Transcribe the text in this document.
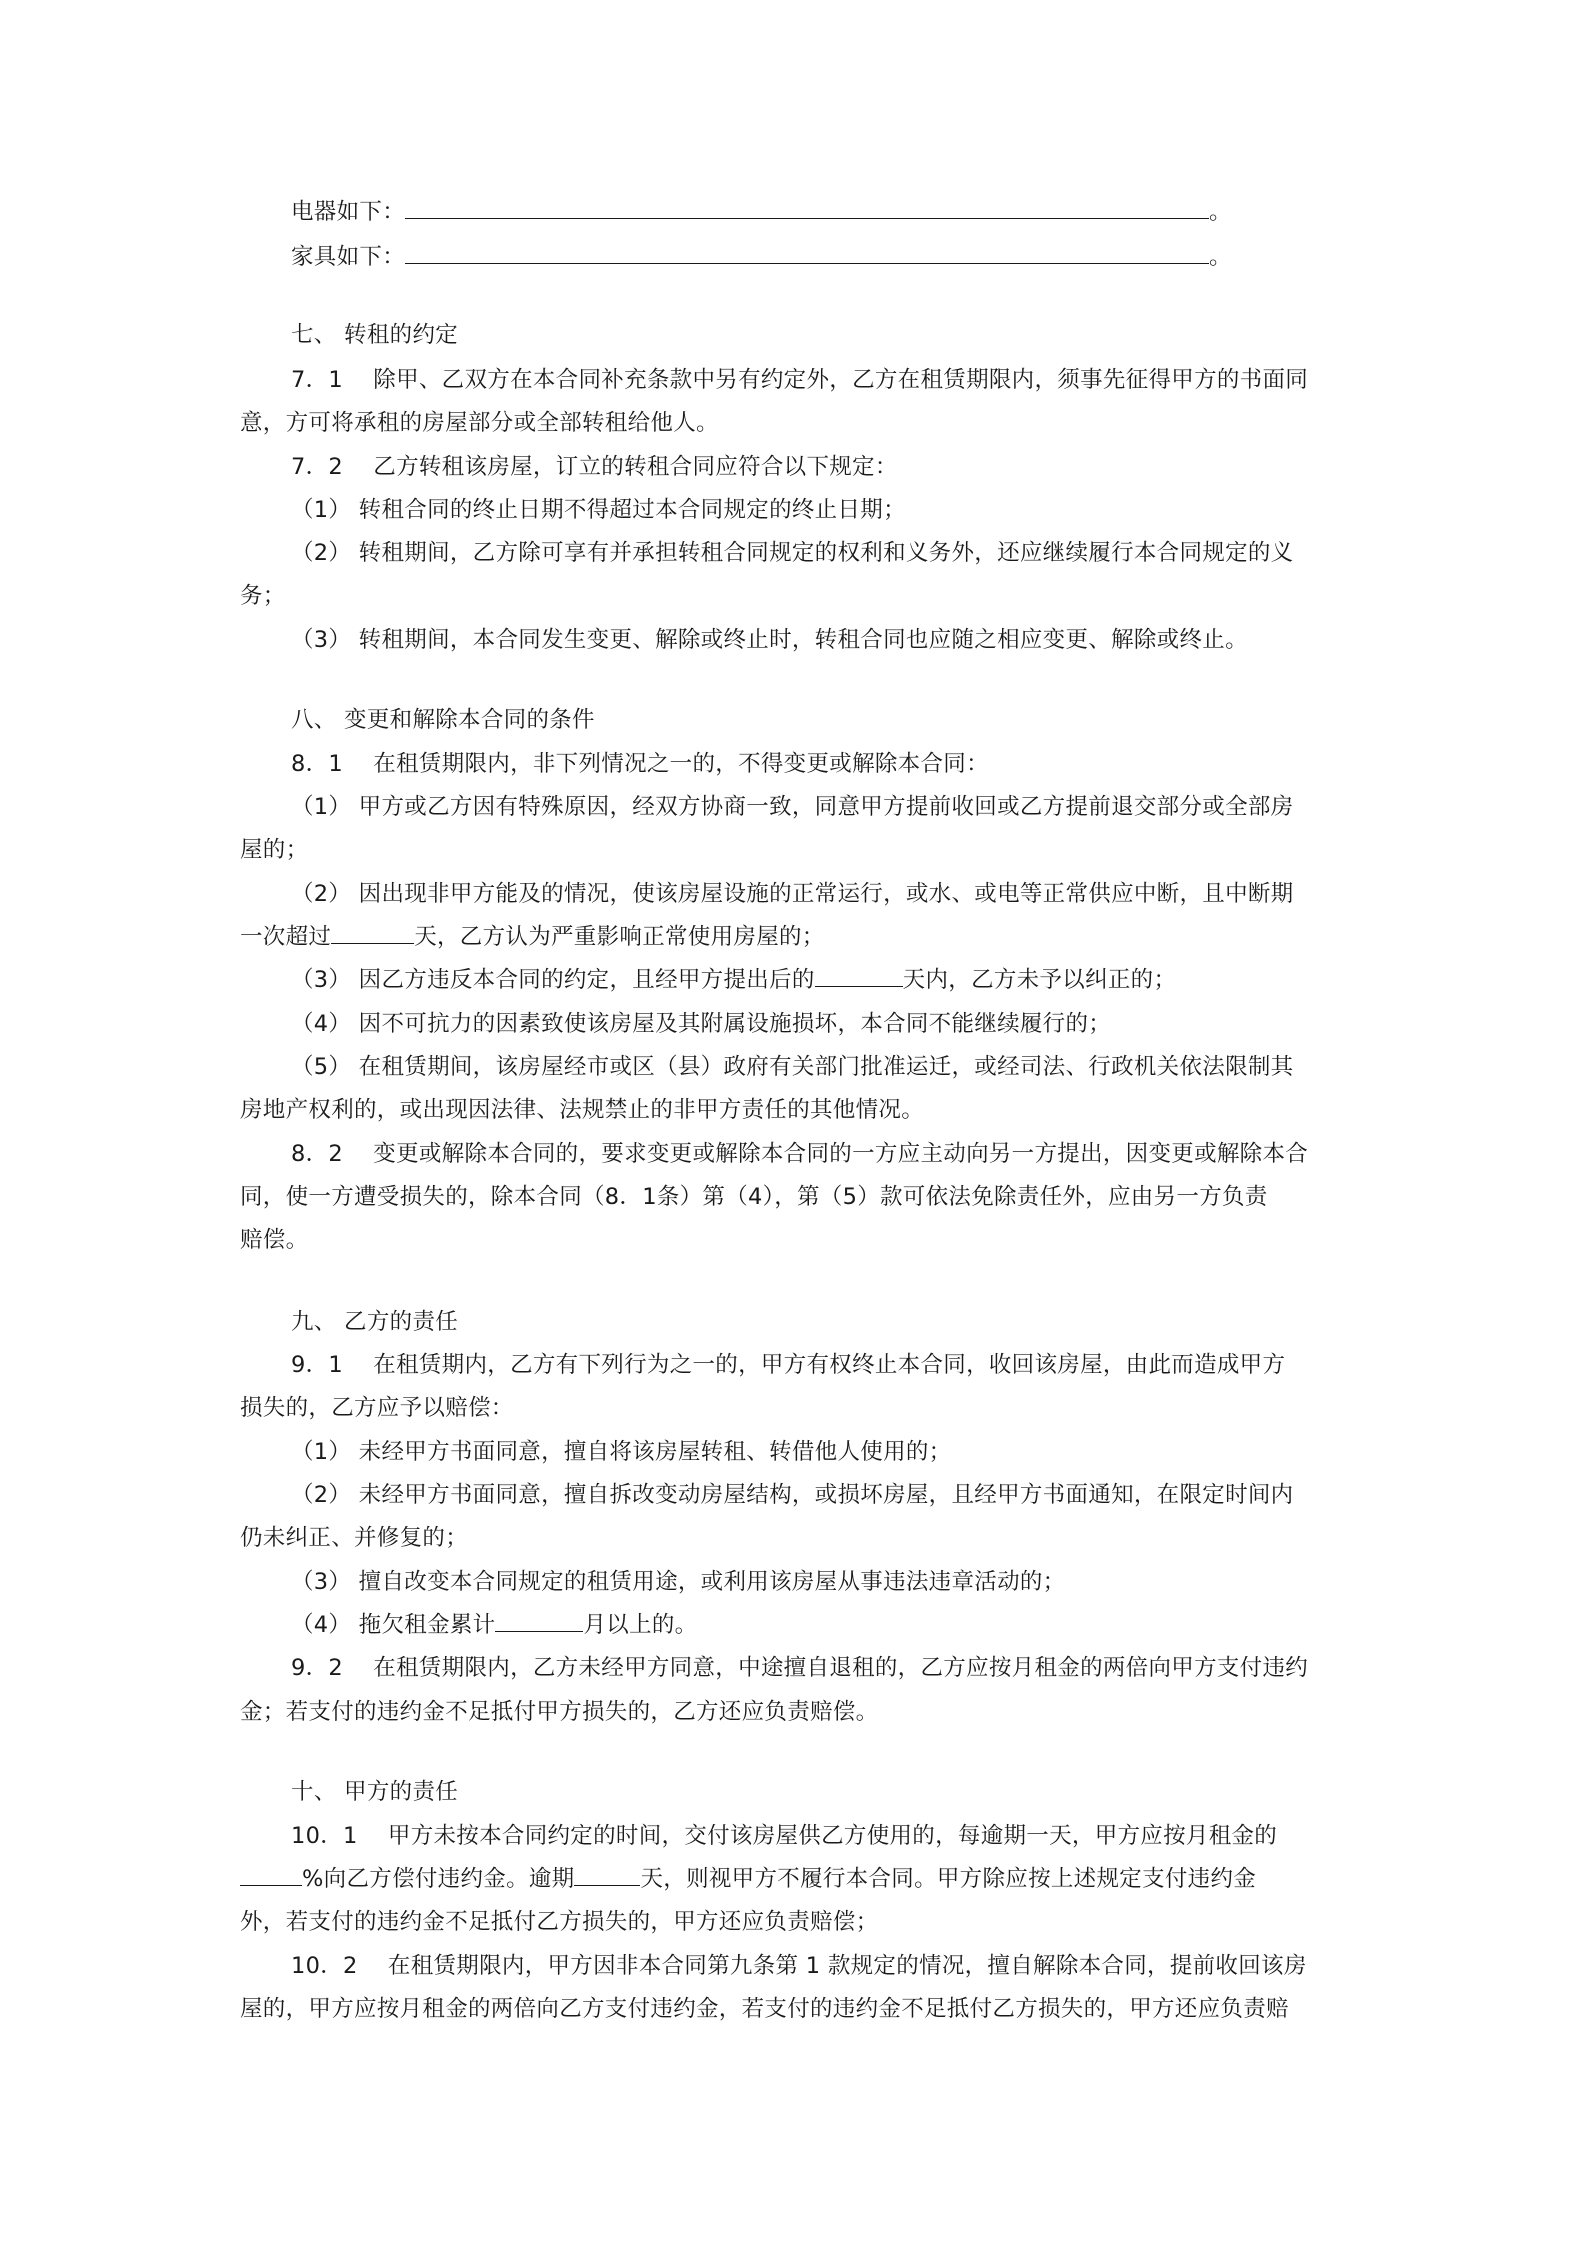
电器如下：	。
家具如下：	。
七、 转租的约定
7．1 　除甲、乙双方在本合同补充条款中另有约定外，乙方在租赁期限内，须事先征得甲方的书面同
意，方可将承租的房屋部分或全部转租给他人。
7．2 　乙方转租该房屋，订立的转租合同应符合以下规定：
（1） 转租合同的终止日期不得超过本合同规定的终止日期；
（2） 转租期间，乙方除可享有并承担转租合同规定的权利和义务外，还应继续履行本合同规定的义
务；
（3） 转租期间，本合同发生变更、解除或终止时，转租合同也应随之相应变更、解除或终止。
八、 变更和解除本合同的条件
8．1 　在租赁期限内，非下列情况之一的，不得变更或解除本合同：
（1） 甲方或乙方因有特殊原因，经双方协商一致，同意甲方提前收回或乙方提前退交部分或全部房
屋的；
（2） 因出现非甲方能及的情况，使该房屋设施的正常运行，或水、或电等正常供应中断，且中断期
一次超过	天，乙方认为严重影响正常使用房屋的；
（3） 因乙方违反本合同的约定，且经甲方提出后的	天内，乙方未予以纠正的；
（4） 因不可抗力的因素致使该房屋及其附属设施损坏，本合同不能继续履行的；
（5） 在租赁期间，该房屋经市或区（县）政府有关部门批准运迁，或经司法、行政机关依法限制其
房地产权利的，或出现因法律、法规禁止的非甲方责任的其他情况。
8．2 　变更或解除本合同的，要求变更或解除本合同的一方应主动向另一方提出，因变更或解除本合
同，使一方遭受损失的，除本合同（8．1条）第（4），第（5）款可依法免除责任外，应由另一方负责
赔偿。
九、 乙方的责任
9．1 　在租赁期内，乙方有下列行为之一的，甲方有权终止本合同，收回该房屋，由此而造成甲方
损失的，乙方应予以赔偿：
（1） 未经甲方书面同意，擅自将该房屋转租、转借他人使用的；
（2） 未经甲方书面同意，擅自拆改变动房屋结构，或损坏房屋，且经甲方书面通知，在限定时间内
仍未纠正、并修复的；
（3） 擅自改变本合同规定的租赁用途，或利用该房屋从事违法违章活动的；
（4） 拖欠租金累计	月以上的。
9．2 　在租赁期限内，乙方未经甲方同意，中途擅自退租的，乙方应按月租金的两倍向甲方支付违约
金；若支付的违约金不足抵付甲方损失的，乙方还应负责赔偿。
十、 甲方的责任
10．1 　甲方未按本合同约定的时间，交付该房屋供乙方使用的，每逾期一天，甲方应按月租金的
%向乙方偿付违约金。逾期	天，则视甲方不履行本合同。甲方除应按上述规定支付违约金
外，若支付的违约金不足抵付乙方损失的，甲方还应负责赔偿；
10．2 　在租赁期限内，甲方因非本合同第九条第 1 款规定的情况，擅自解除本合同，提前收回该房
屋的，甲方应按月租金的两倍向乙方支付违约金，若支付的违约金不足抵付乙方损失的，甲方还应负责赔
